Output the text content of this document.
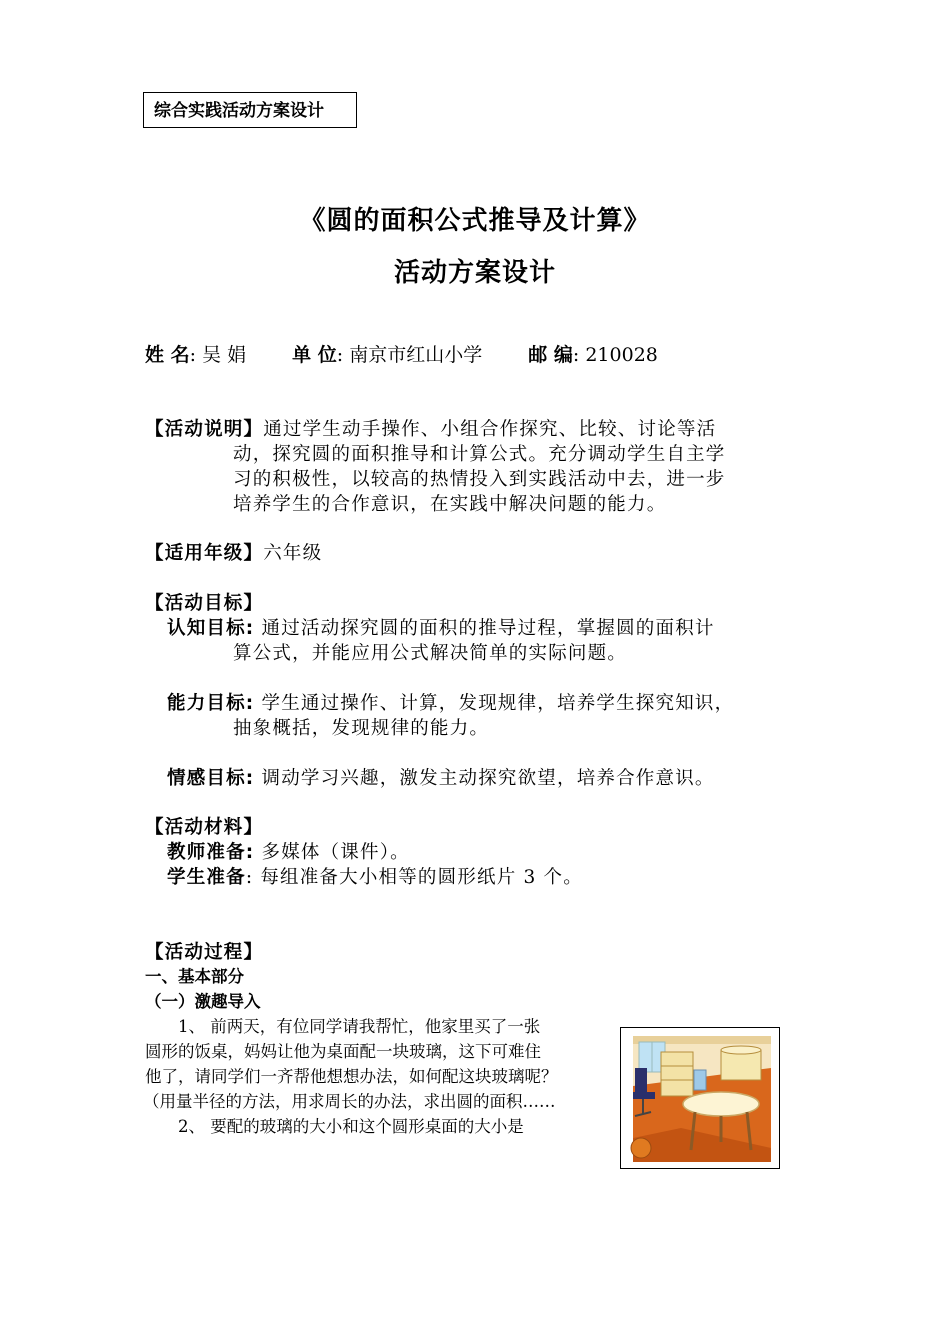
综合实践活动方案设计
《圆的面积公式推导及计算》
活动方案设计
姓 名: 吴 娟 单 位: 南京市红山小学 邮 编: 210028
【活动说明】通过学生动手操作、小组合作探究、比较、讨论等活
动，探究圆的面积推导和计算公式。充分调动学生自主学
习的积极性，以较高的热情投入到实践活动中去，进一步
培养学生的合作意识，在实践中解决问题的能力。
【适用年级】六年级
【活动目标】
认知目标: 通过活动探究圆的面积的推导过程，掌握圆的面积计
算公式，并能应用公式解决简单的实际问题。
能力目标: 学生通过操作、计算，发现规律，培养学生探究知识，
抽象概括，发现规律的能力。
情感目标: 调动学习兴趣，激发主动探究欲望，培养合作意识。
【活动材料】
教师准备: 多媒体（课件）。
学生准备: 每组准备大小相等的圆形纸片 3 个。
【活动过程】
一、基本部分
（一）激趣导入
1、 前两天，有位同学请我帮忙，他家里买了一张
圆形的饭桌，妈妈让他为桌面配一块玻璃，这下可难住
他了，请同学们一齐帮他想想办法，如何配这块玻璃呢？
（用量半径的方法，用求周长的办法，求出圆的面积……
2、 要配的玻璃的大小和这个圆形桌面的大小是
